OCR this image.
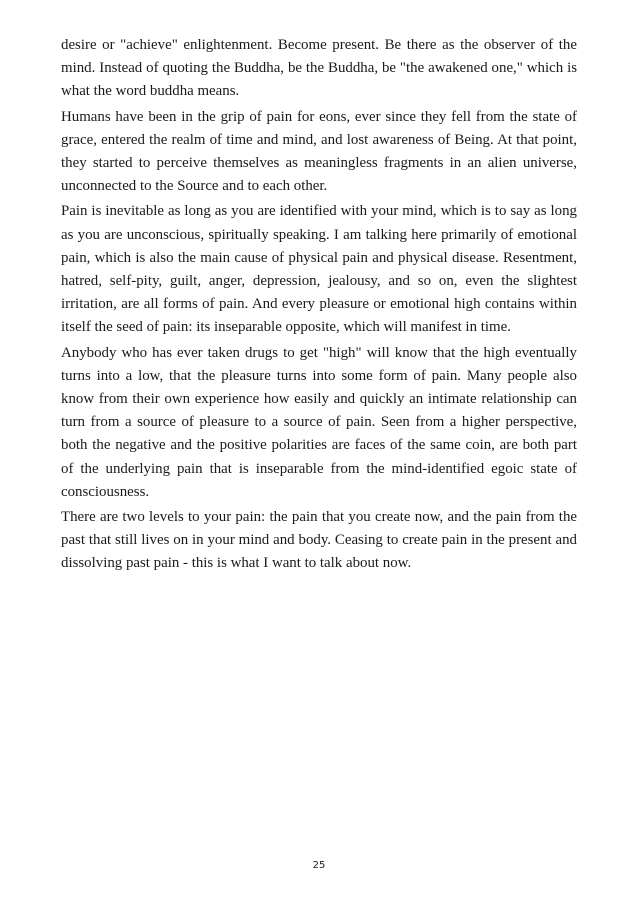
desire or "achieve" enlightenment. Become present. Be there as the observer of the mind. Instead of quoting the Buddha, be the Buddha, be "the awakened one," which is what the word buddha means.

Humans have been in the grip of pain for eons, ever since they fell from the state of grace, entered the realm of time and mind, and lost awareness of Being. At that point, they started to perceive themselves as meaningless fragments in an alien universe, unconnected to the Source and to each other.

Pain is inevitable as long as you are identified with your mind, which is to say as long as you are unconscious, spiritually speaking. I am talking here primarily of emotional pain, which is also the main cause of physical pain and physical disease. Resentment, hatred, self-pity, guilt, anger, depression, jealousy, and so on, even the slightest irritation, are all forms of pain. And every pleasure or emotional high contains within itself the seed of pain: its inseparable opposite, which will manifest in time.

Anybody who has ever taken drugs to get "high" will know that the high eventually turns into a low, that the pleasure turns into some form of pain. Many people also know from their own experience how easily and quickly an intimate relationship can turn from a source of pleasure to a source of pain. Seen from a higher perspective, both the negative and the positive polarities are faces of the same coin, are both part of the underlying pain that is inseparable from the mind-identified egoic state of consciousness.

There are two levels to your pain: the pain that you create now, and the pain from the past that still lives on in your mind and body. Ceasing to create pain in the present and dissolving past pain - this is what I want to talk about now.

25
